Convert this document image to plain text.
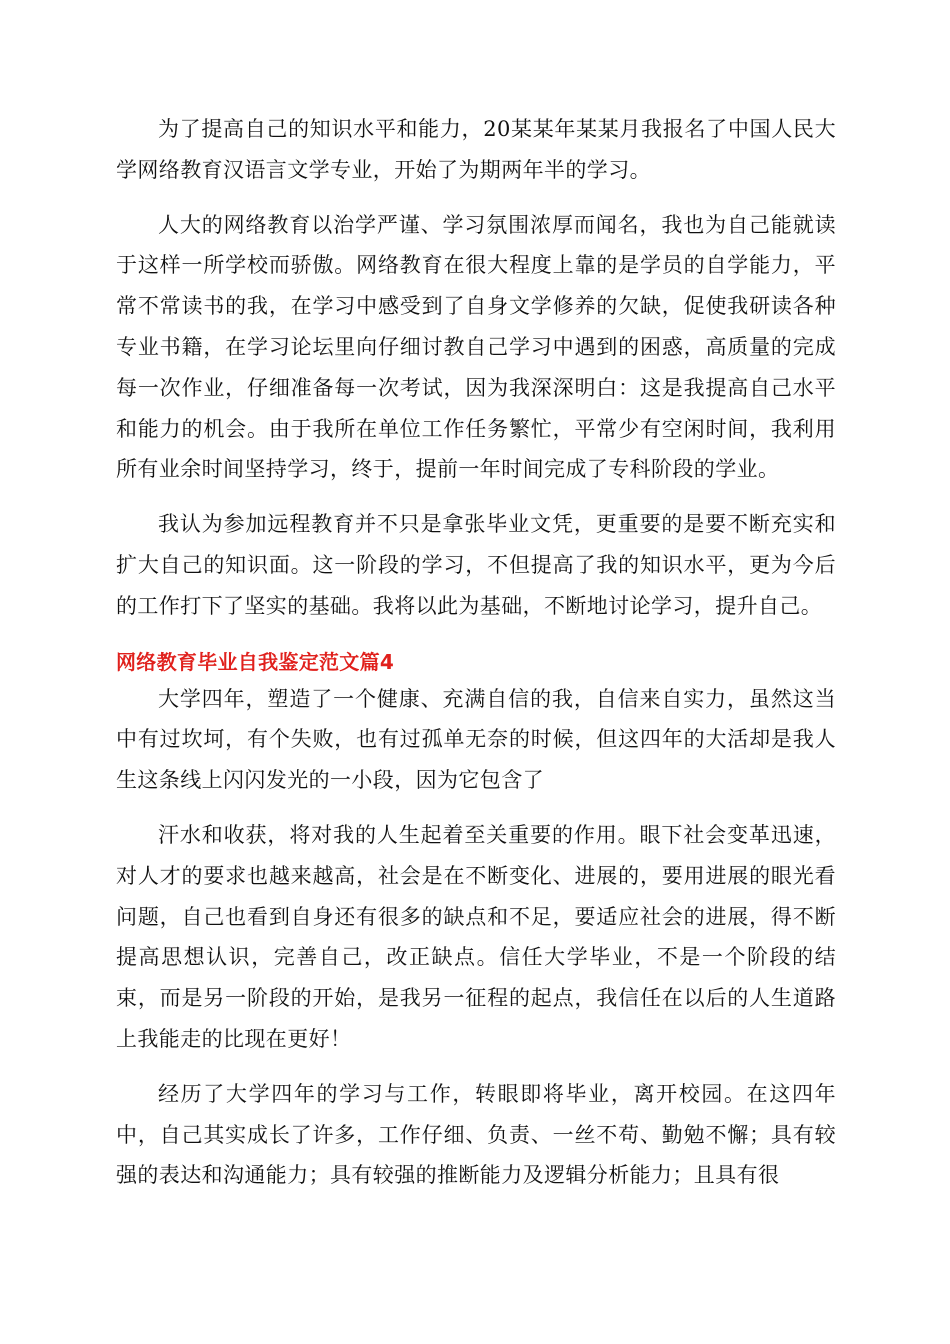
为了提高自己的知识水平和能力，20某某年某某月我报名了中国人民大学网络教育汉语言文学专业，开始了为期两年半的学习。

人大的网络教育以治学严谨、学习氛围浓厚而闻名，我也为自己能就读于这样一所学校而骄傲。网络教育在很大程度上靠的是学员的自学能力，平常不常读书的我，在学习中感受到了自身文学修养的欠缺，促使我研读各种专业书籍，在学习论坛里向仔细讨教自己学习中遇到的困惑，高质量的完成每一次作业，仔细准备每一次考试，因为我深深明白：这是我提高自己水平和能力的机会。由于我所在单位工作任务繁忙，平常少有空闲时间，我利用所有业余时间坚持学习，终于，提前一年时间完成了专科阶段的学业。

我认为参加远程教育并不只是拿张毕业文凭，更重要的是要不断充实和扩大自己的知识面。这一阶段的学习，不但提高了我的知识水平，更为今后的工作打下了坚实的基础。我将以此为基础，不断地讨论学习，提升自己。

网络教育毕业自我鉴定范文篇4

大学四年，塑造了一个健康、充满自信的我，自信来自实力，虽然这当中有过坎坷，有个失败，也有过孤单无奈的时候，但这四年的大活却是我人生这条线上闪闪发光的一小段，因为它包含了

汗水和收获，将对我的人生起着至关重要的作用。眼下社会变革迅速，对人才的要求也越来越高，社会是在不断变化、进展的，要用进展的眼光看问题，自己也看到自身还有很多的缺点和不足，要适应社会的进展，得不断提高思想认识，完善自己，改正缺点。信任大学毕业，不是一个阶段的结束，而是另一阶段的开始，是我另一征程的起点，我信任在以后的人生道路上我能走的比现在更好！

经历了大学四年的学习与工作，转眼即将毕业，离开校园。在这四年中，自己其实成长了许多，工作仔细、负责、一丝不苟、勤勉不懈；具有较强的表达和沟通能力；具有较强的推断能力及逻辑分析能力；且具有很
